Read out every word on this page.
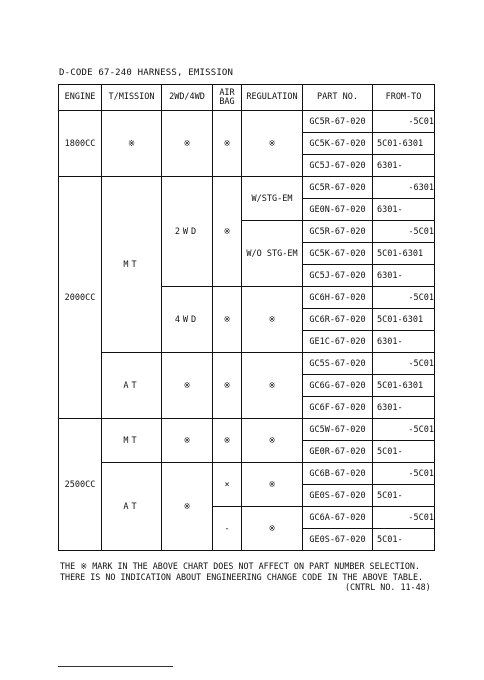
D-CODE 67-240 HARNESS, EMISSION
ENGINE	T/MISSION	2WD/4WD	AIR
BAG	REGULATION	PART NO.	FROM-TO
1800CC	※	※	※	※	GC5R-67-020	-5C01
					GC5K-67-020	5C01-6301
					GC5J-67-020	6301-
2000CC	MT	2WD	※	W/STG-EM	GC5R-67-020	-6301
					GE0N-67-020	6301-
				W/O STG-EM	GC5R-67-020	-5C01
					GC5K-67-020	5C01-6301
					GC5J-67-020	6301-
		4WD	※	※	GC6H-67-020	-5C01
					GC6R-67-020	5C01-6301
					GE1C-67-020	6301-
	AT	※	※	※	GC5S-67-020	-5C01
					GC6G-67-020	5C01-6301
					GC6F-67-020	6301-
2500CC	MT	※	※	※	GC5W-67-020	-5C01
					GE0R-67-020	5C01-
	AT	※	×	※	GC6B-67-020	-5C01
					GE0S-67-020	5C01-
			-	※	GC6A-67-020	-5C01
					GE0S-67-020	5C01-
THE ※ MARK IN THE ABOVE CHART DOES NOT AFFECT ON PART NUMBER SELECTION.
THERE IS NO INDICATION ABOUT ENGINEERING CHANGE CODE IN THE ABOVE TABLE.
(CNTRL NO. 11-48)
